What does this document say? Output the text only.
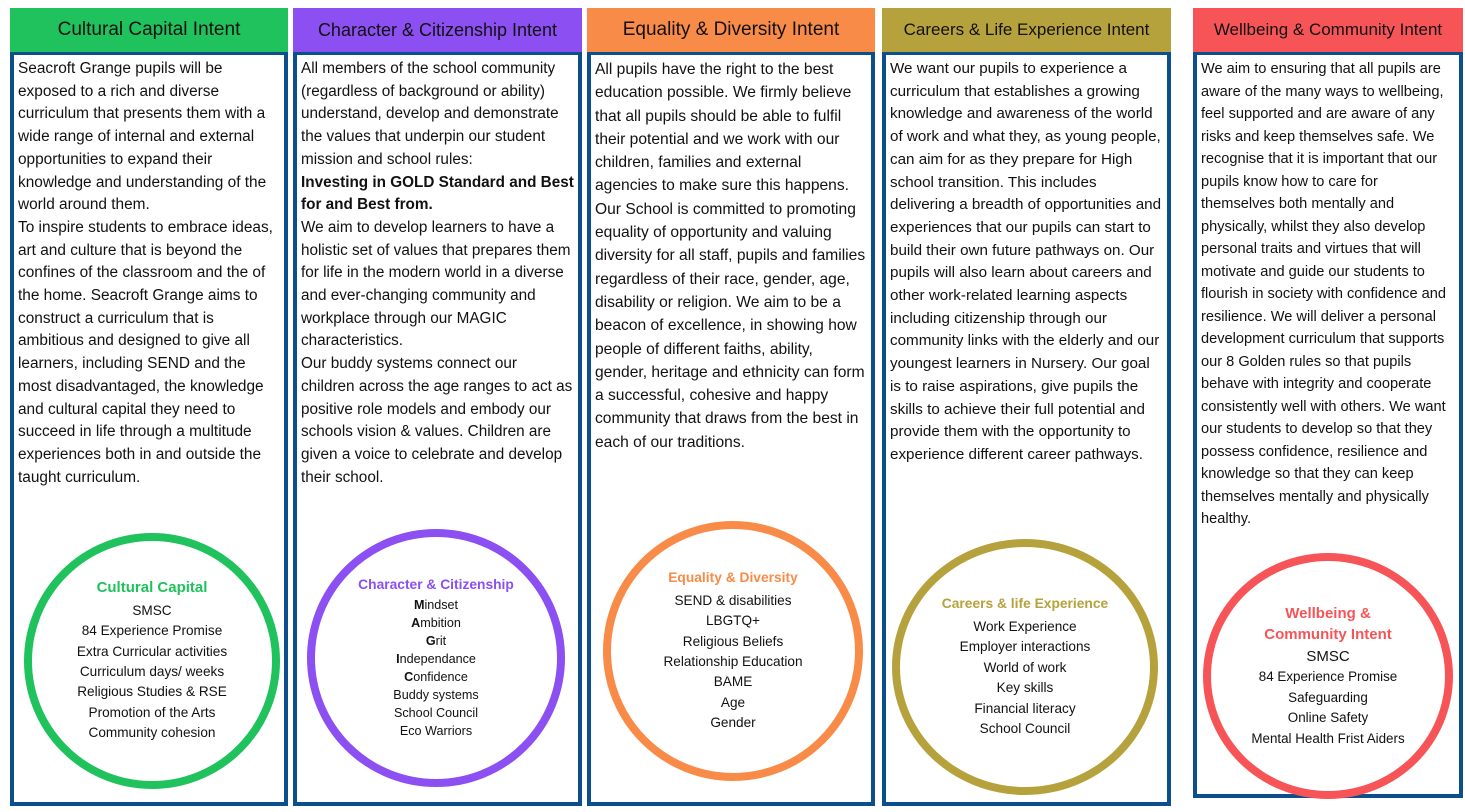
Cultural Capital Intent

Seacroft Grange pupils will be exposed to a rich and diverse curriculum that presents them with a wide range of internal and external opportunities to expand their knowledge and understanding of the world around them.

To inspire students to embrace ideas, art and culture that is beyond the confines of the classroom and the of the home. Seacroft Grange aims to construct a curriculum that is ambitious and designed to give all learners, including SEND and the most disadvantaged, the knowledge and cultural capital they need to succeed in life through a multitude experiences both in and outside the taught curriculum.

Cultural Capital
SMSC
84 Experience Promise
Extra Curricular activities
Curriculum days/ weeks
Religious Studies & RSE
Promotion of the Arts
Community cohesion
Character & Citizenship Intent

All members of the school community (regardless of background or ability) understand, develop and demonstrate the values that underpin our student mission and school rules:

Investing in GOLD Standard and Best for and Best from.

We aim to develop learners to have a holistic set of values that prepares them for life in the modern world in a diverse and ever-changing community and workplace through our MAGIC characteristics.

Our buddy systems connect our children across the age ranges to act as positive role models and embody our schools vision & values. Children are given a voice to celebrate and develop their school.

Character & Citizenship
Mindset
Ambition
Grit
Independance
Confidence
Buddy systems
School Council
Eco Warriors
Equality & Diversity Intent

All pupils have the right to the best education possible. We firmly believe that all pupils should be able to fulfil their potential and we work with our children, families and external agencies to make sure this happens. Our School is committed to promoting equality of opportunity and valuing diversity for all staff, pupils and families regardless of their race, gender, age, disability or religion. We aim to be a beacon of excellence, in showing how people of different faiths, ability, gender, heritage and ethnicity can form a successful, cohesive and happy community that draws from the best in each of our traditions.

Equality & Diversity
SEND & disabilities
LBGTQ+
Religious Beliefs
Relationship Education
BAME
Age
Gender
Careers & Life Experience Intent

We want our pupils to experience a curriculum that establishes a growing knowledge and awareness of the world of work and what they, as young people, can aim for as they prepare for High school transition. This includes delivering a breadth of opportunities and experiences that our pupils can start to build their own future pathways on. Our pupils will also learn about careers and other work-related learning aspects including citizenship through our community links with the elderly and our youngest learners in Nursery. Our goal is to raise aspirations, give pupils the skills to achieve their full potential and provide them with the opportunity to experience different career pathways.

Careers & life Experience
Work Experience
Employer interactions
World of work
Key skills
Financial literacy
School Council
Wellbeing & Community Intent

We aim to ensuring that all pupils are aware of the many ways to wellbeing, feel supported and are aware of any risks and keep themselves safe. We recognise that it is important that our pupils know how to care for themselves both mentally and physically, whilst they also develop personal traits and virtues that will motivate and guide our students to flourish in society with confidence and resilience. We will deliver a personal development curriculum that supports our 8 Golden rules so that pupils behave with integrity and cooperate consistently well with others. We want our students to develop so that they possess confidence, resilience and knowledge so that they can keep themselves mentally and physically healthy.

Wellbeing & Community Intent
SMSC
84 Experience Promise
Safeguarding
Online Safety
Mental Health Frist Aiders
